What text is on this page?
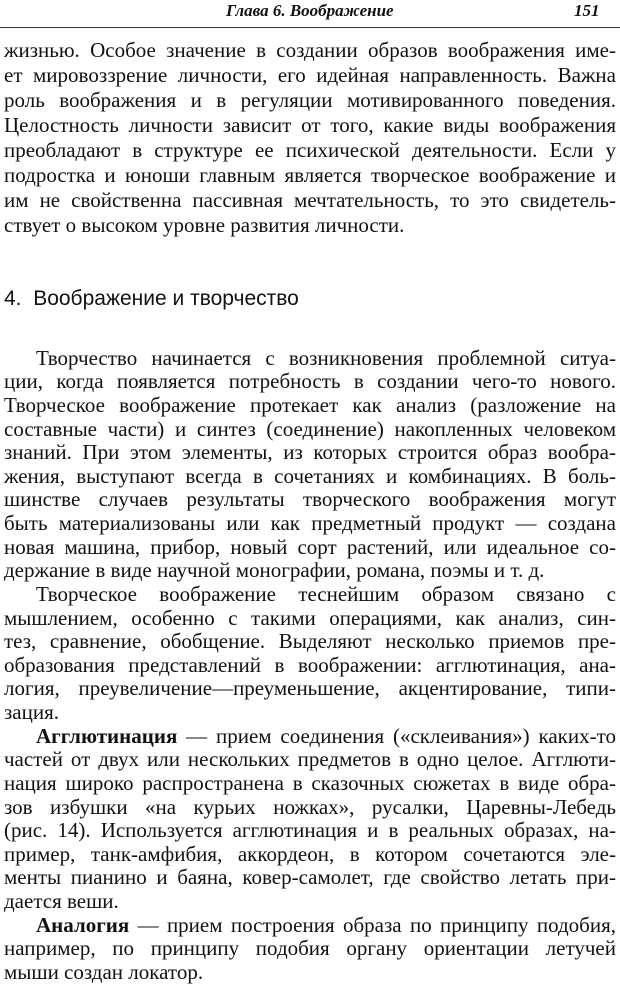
Глава 6. Воображение	151
жизнью. Особое значение в создании образов воображения име-
ет мировоззрение личности, его идейная направленность. Важна
роль воображения и в регуляции мотивированного поведения.
Целостность личности зависит от того, какие виды воображения
преобладают в структуре ее психической деятельности. Если у
подростка и юноши главным является творческое воображение и
им не свойственна пассивная мечтательность, то это свидетель-
ствует о высоком уровне развития личности.
4. Воображение и творчество
Творчество начинается с возникновения проблемной ситуа-
ции, когда появляется потребность в создании чего-то нового.
Творческое воображение протекает как анализ (разложение на
составные части) и синтез (соединение) накопленных человеком
знаний. При этом элементы, из которых строится образ вообра-
жения, выступают всегда в сочетаниях и комбинациях. В боль-
шинстве случаев результаты творческого воображения могут
быть материализованы или как предметный продукт — создана
новая машина, прибор, новый сорт растений, или идеальное со-
держание в виде научной монографии, романа, поэмы и т. д.
Творческое воображение теснейшим образом связано с
мышлением, особенно с такими операциями, как анализ, син-
тез, сравнение, обобщение. Выделяют несколько приемов пре-
образования представлений в воображении: агглютинация, ана-
логия, преувеличение—преуменьшение, акцентирование, типи-
зация.
Агглютинация — прием соединения («склеивания») каких-то
частей от двух или нескольких предметов в одно целое. Агглюти-
нация широко распространена в сказочных сюжетах в виде обра-
зов избушки «на курьих ножках», русалки, Царевны-Лебедь
(рис. 14). Используется агглютинация и в реальных образах, на-
пример, танк-амфибия, аккордеон, в котором сочетаются эле-
менты пианино и баяна, ковер-самолет, где свойство летать при-
дается веши.
Аналогия — прием построения образа по принципу подобия,
например, по принципу подобия органу ориентации летучей
мыши создан локатор.
